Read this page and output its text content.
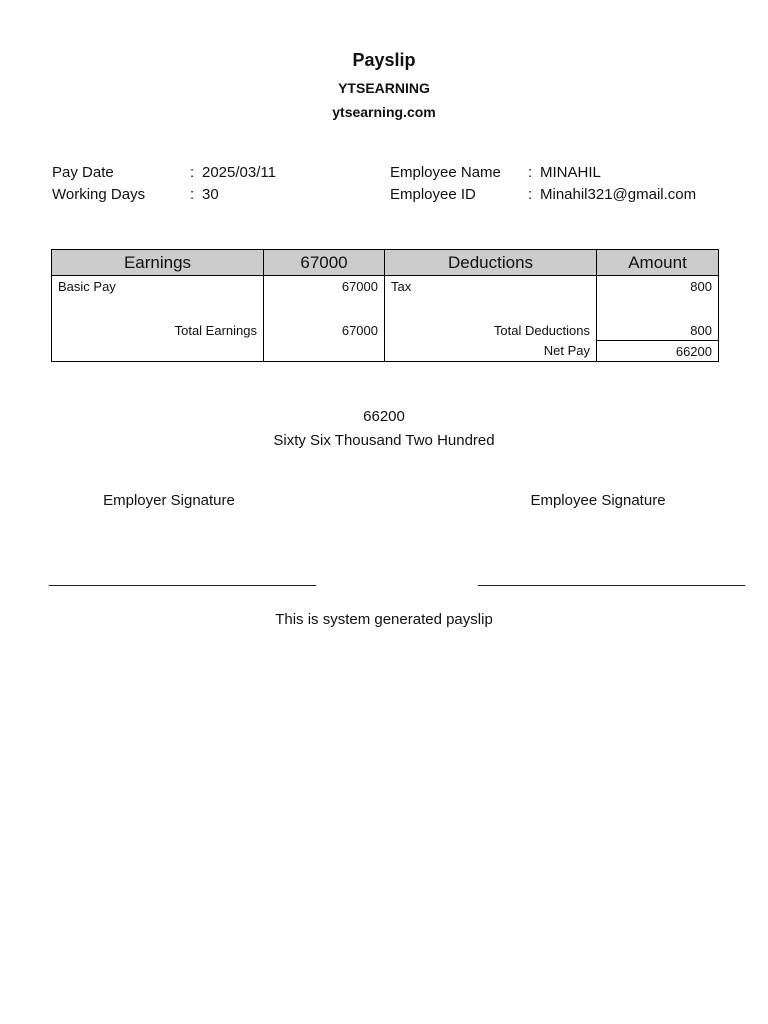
Payslip
YTSEARNING
ytsearning.com
Pay Date	: 2025/03/11
Working Days	: 30
Employee Name : MINAHIL
Employee ID	: Minahil321@gmail.com
Earnings	67000	Deductions	Amount
Basic Pay	67000	Tax	800

Total Earnings	67000	Total Deductions	800
		Net Pay	66200
66200
Sixty Six Thousand Two Hundred
Employer Signature	Employee Signature
________________________________	________________________________
This is system generated payslip
